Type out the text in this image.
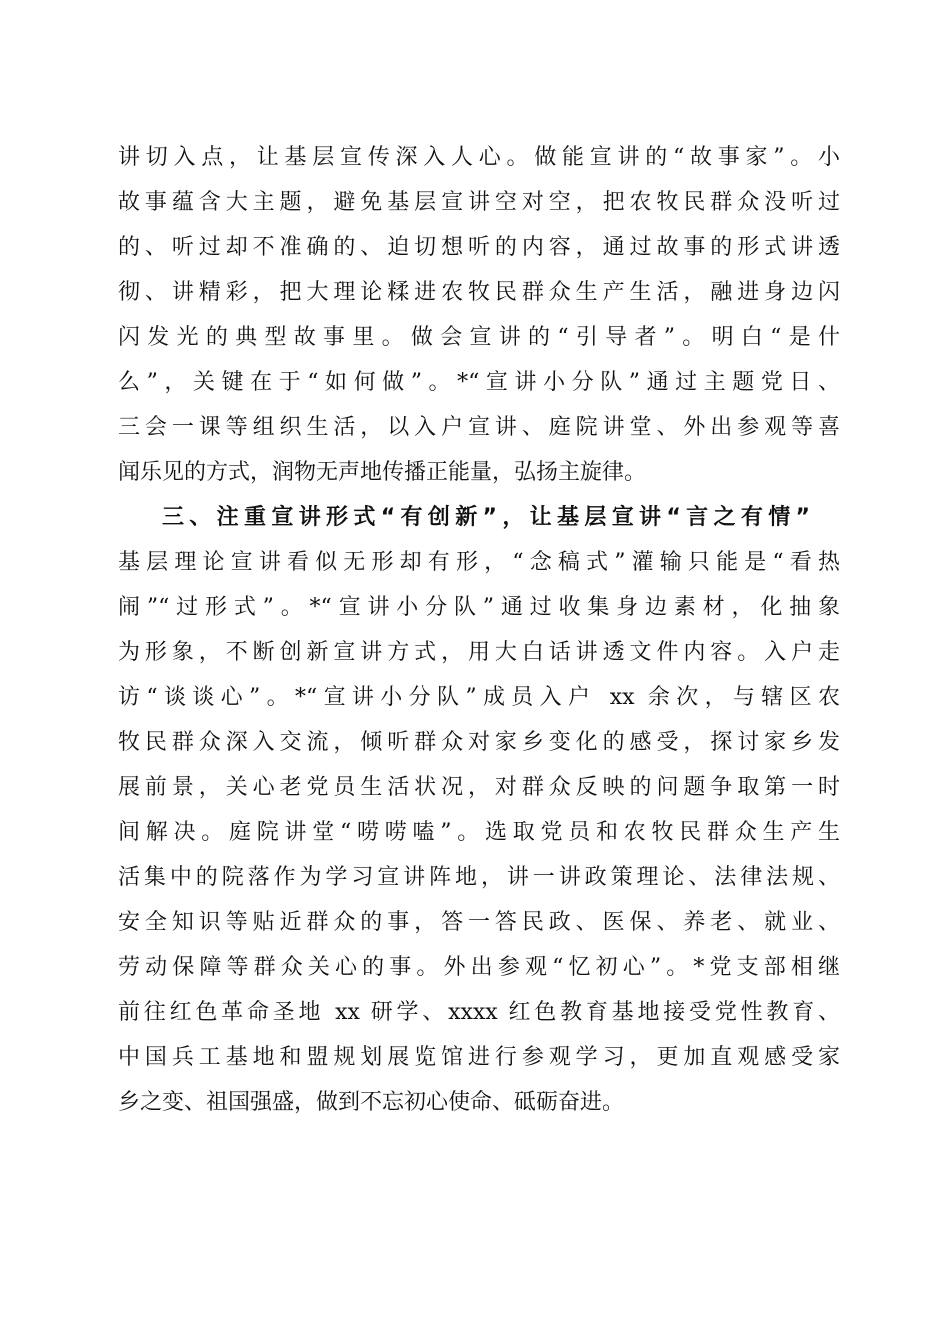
讲切入点，让基层宣传深入人心。做能宣讲的“故事家”。小
故事蕴含大主题，避免基层宣讲空对空，把农牧民群众没听过
的、听过却不准确的、迫切想听的内容，通过故事的形式讲透
彻、讲精彩，把大理论糅进农牧民群众生产生活，融进身边闪
闪发光的典型故事里。做会宣讲的“引导者”。明白“是什
么”，关键在于“如何做”。*“宣讲小分队”通过主题党日、
三会一课等组织生活，以入户宣讲、庭院讲堂、外出参观等喜
闻乐见的方式，润物无声地传播正能量，弘扬主旋律。
三、注重宣讲形式“有创新”，让基层宣讲“言之有情”
基层理论宣讲看似无形却有形，“念稿式”灌输只能是“看热
闹”“过形式”。*“宣讲小分队”通过收集身边素材，化抽象
为形象，不断创新宣讲方式，用大白话讲透文件内容。入户走
访“谈谈心”。*“宣讲小分队”成员入户 xx 余次，与辖区农
牧民群众深入交流，倾听群众对家乡变化的感受，探讨家乡发
展前景，关心老党员生活状况，对群众反映的问题争取第一时
间解决。庭院讲堂“唠唠嗑”。选取党员和农牧民群众生产生
活集中的院落作为学习宣讲阵地，讲一讲政策理论、法律法规、
安全知识等贴近群众的事，答一答民政、医保、养老、就业、
劳动保障等群众关心的事。外出参观“忆初心”。*党支部相继
前往红色革命圣地 xx 研学、xxxx 红色教育基地接受党性教育、
中国兵工基地和盟规划展览馆进行参观学习，更加直观感受家
乡之变、祖国强盛，做到不忘初心使命、砥砺奋进。
